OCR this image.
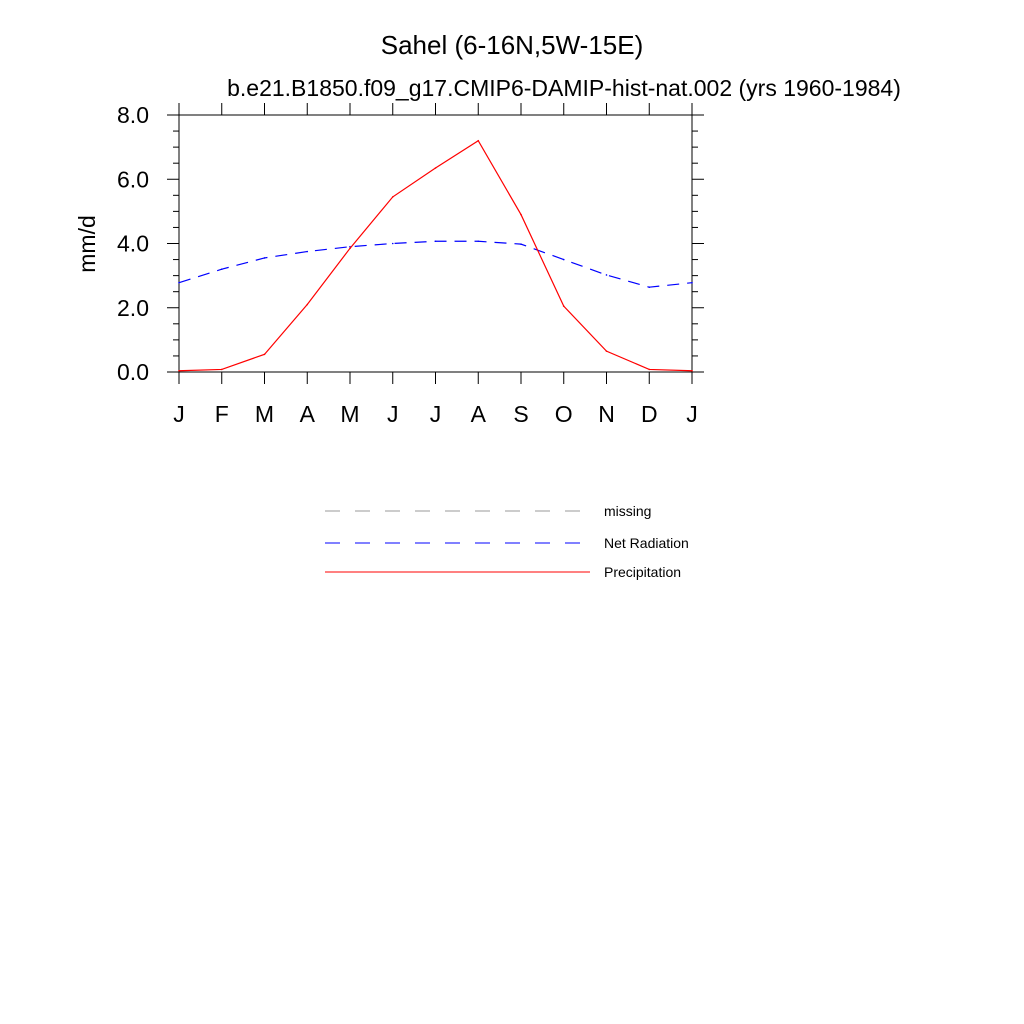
Sahel (6-16N,5W-15E)
b.e21.B1850.f09_g17.CMIP6-DAMIP-hist-nat.002 (yrs 1960-1984)
mm/d
0.0
2.0
4.0
6.0
8.0
J F M A M J J A S O N D J
missing
Net Radiation
Precipitation
